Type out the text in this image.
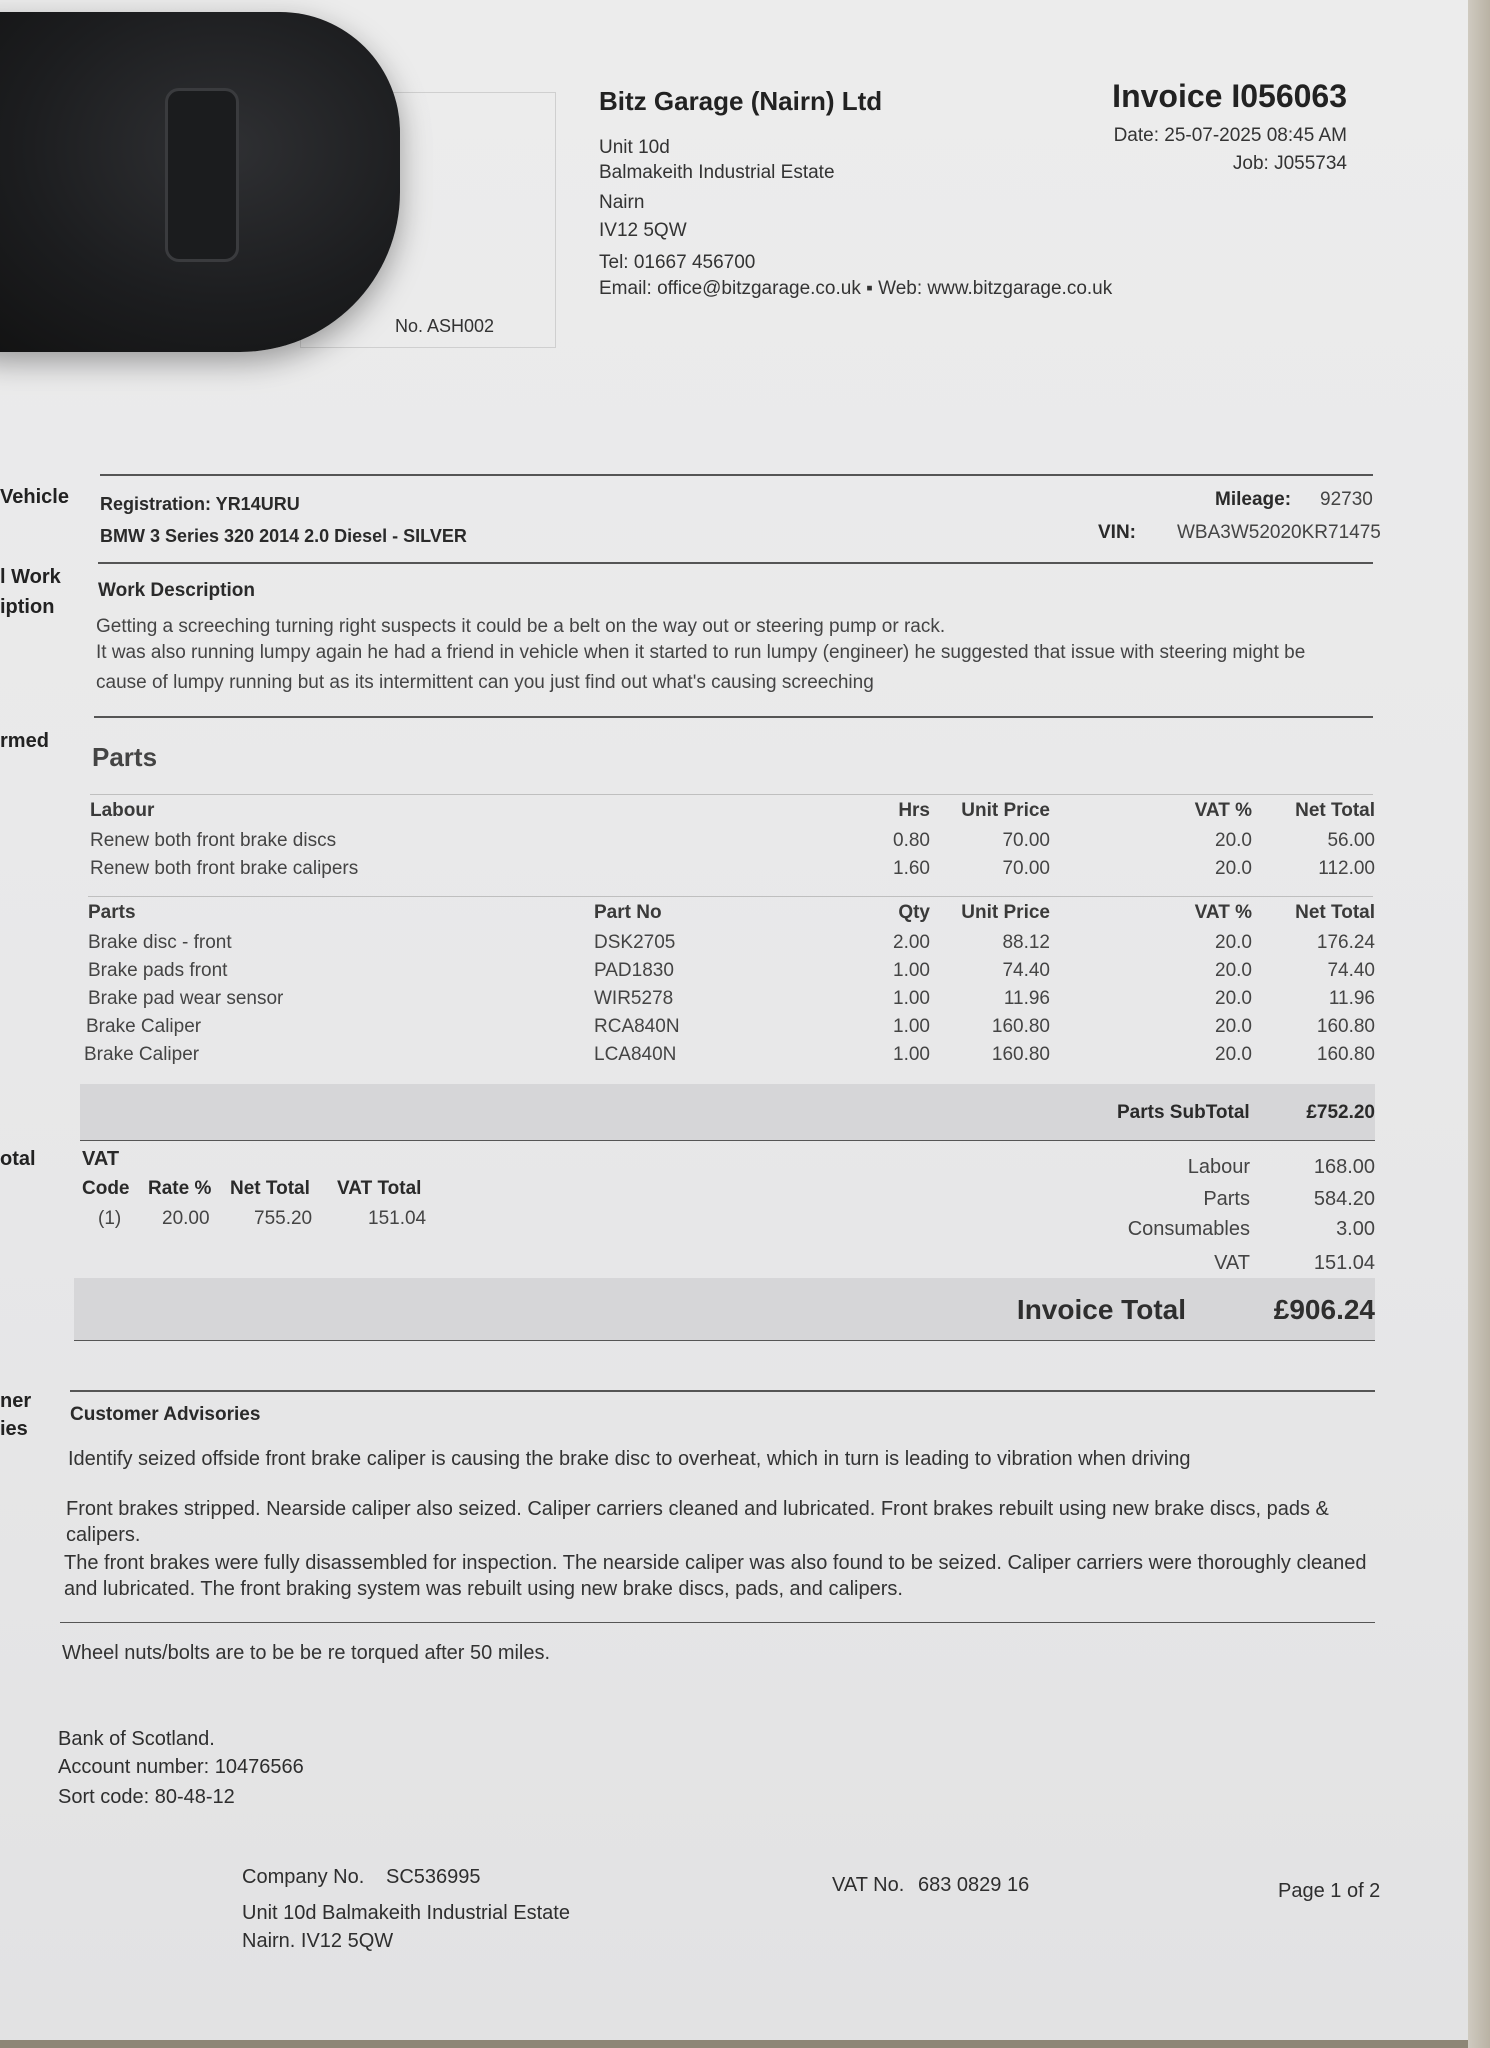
No. ASH002
Bitz Garage (Nairn) Ltd
Unit 10d
Balmakeith Industrial Estate
Nairn
IV12 5QW
Tel: 01667 456700
Email: office@bitzgarage.co.uk ▪ Web: www.bitzgarage.co.uk
Invoice I056063
Date: 25-07-2025 08:45 AM
Job: J055734
Vehicle
l Work
iption
rmed
otal
ner
ies
Registration: YR14URU
BMW 3 Series 320 2014 2.0 Diesel - SILVER
Mileage: 92730
VIN: WBA3W52020KR71475
Work Description
Getting a screeching turning right suspects it could be a belt on the way out or steering pump or rack.
It was also running lumpy again he had a friend in vehicle when it started to run lumpy (engineer) he suggested that issue with steering might be
cause of lumpy running but as its intermittent can you just find out what's causing screeching
Parts
Labour	Hrs	Unit Price	VAT %	Net Total
Renew both front brake discs	0.80	70.00	20.0	56.00
Renew both front brake calipers	1.60	70.00	20.0	112.00
Parts	Part No	Qty	Unit Price	VAT %	Net Total
Brake disc - front	DSK2705	2.00	88.12	20.0	176.24
Brake pads front	PAD1830	1.00	74.40	20.0	74.40
Brake pad wear sensor	WIR5278	1.00	11.96	20.0	11.96
Brake Caliper	RCA840N	1.00	160.80	20.0	160.80
Brake Caliper	LCA840N	1.00	160.80	20.0	160.80
Parts SubTotal	£752.20
VAT
Code Rate % Net Total VAT Total
(1) 20.00 755.20	151.04
Labour	168.00
Parts	584.20
Consumables	3.00
VAT	151.04
Invoice Total	£906.24
Customer Advisories
Identify seized offside front brake caliper is causing the brake disc to overheat, which in turn is leading to vibration when driving
Front brakes stripped. Nearside caliper also seized. Caliper carriers cleaned and lubricated. Front brakes rebuilt using new brake discs, pads &
calipers.
The front brakes were fully disassembled for inspection. The nearside caliper was also found to be seized. Caliper carriers were thoroughly cleaned
and lubricated. The front braking system was rebuilt using new brake discs, pads, and calipers.
Wheel nuts/bolts are to be be re torqued after 50 miles.
Bank of Scotland.
Account number: 10476566
Sort code: 80-48-12
Company No. SC536995
Unit 10d Balmakeith Industrial Estate
Nairn. IV12 5QW
VAT No. 683 0829 16	Page 1 of 2
